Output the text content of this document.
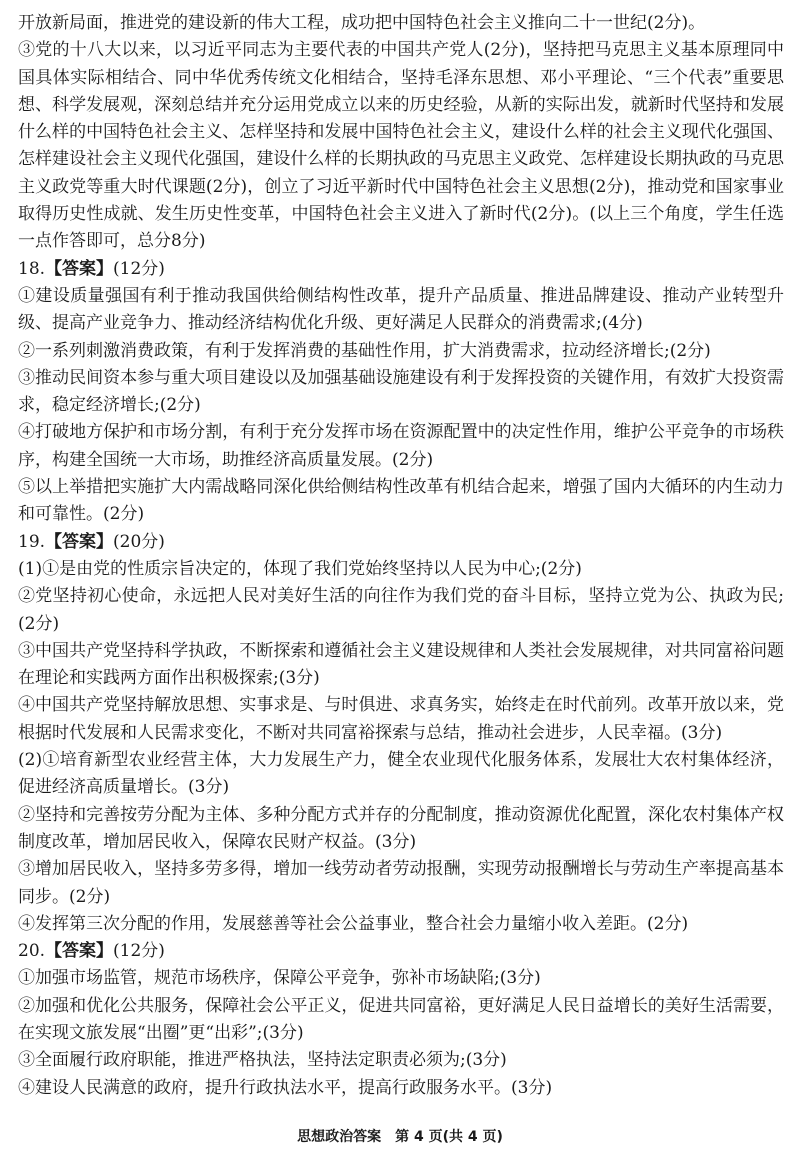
开放新局面，推进党的建设新的伟大工程，成功把中国特色社会主义推向二十一世纪(2分)。

③党的十八大以来，以习近平同志为主要代表的中国共产党人(2分)，坚持把马克思主义基本原理同中国具体实际相结合、同中华优秀传统文化相结合，坚持毛泽东思想、邓小平理论、“三个代表”重要思想、科学发展观，深刻总结并充分运用党成立以来的历史经验，从新的实际出发，就新时代坚持和发展什么样的中国特色社会主义、怎样坚持和发展中国特色社会主义，建设什么样的社会主义现代化强国、怎样建设社会主义现代化强国，建设什么样的长期执政的马克思主义政党、怎样建设长期执政的马克思主义政党等重大时代课题(2分)，创立了习近平新时代中国特色社会主义思想(2分)，推动党和国家事业取得历史性成就、发生历史性变革，中国特色社会主义进入了新时代(2分)。(以上三个角度，学生任选一点作答即可，总分8分)

18.【答案】(12分)

①建设质量强国有利于推动我国供给侧结构性改革，提升产品质量、推进品牌建设、推动产业转型升级、提高产业竞争力、推动经济结构优化升级、更好满足人民群众的消费需求;(4分)

②一系列刺激消费政策，有利于发挥消费的基础性作用，扩大消费需求，拉动经济增长;(2分)

③推动民间资本参与重大项目建设以及加强基础设施建设有利于发挥投资的关键作用，有效扩大投资需求，稳定经济增长;(2分)

④打破地方保护和市场分割，有利于充分发挥市场在资源配置中的决定性作用，维护公平竞争的市场秩序，构建全国统一大市场，助推经济高质量发展。(2分)

⑤以上举措把实施扩大内需战略同深化供给侧结构性改革有机结合起来，增强了国内大循环的内生动力和可靠性。(2分)

19.【答案】(20分)

(1)①是由党的性质宗旨决定的，体现了我们党始终坚持以人民为中心;(2分)

②党坚持初心使命，永远把人民对美好生活的向往作为我们党的奋斗目标，坚持立党为公、执政为民;(2分)

③中国共产党坚持科学执政，不断探索和遵循社会主义建设规律和人类社会发展规律，对共同富裕问题在理论和实践两方面作出积极探索;(3分)

④中国共产党坚持解放思想、实事求是、与时俱进、求真务实，始终走在时代前列。改革开放以来，党根据时代发展和人民需求变化，不断对共同富裕探索与总结，推动社会进步，人民幸福。(3分)

(2)①培育新型农业经营主体，大力发展生产力，健全农业现代化服务体系，发展壮大农村集体经济，促进经济高质量增长。(3分)

②坚持和完善按劳分配为主体、多种分配方式并存的分配制度，推动资源优化配置，深化农村集体产权制度改革，增加居民收入，保障农民财产权益。(3分)

③增加居民收入，坚持多劳多得，增加一线劳动者劳动报酬，实现劳动报酬增长与劳动生产率提高基本同步。(2分)

④发挥第三次分配的作用，发展慈善等社会公益事业，整合社会力量缩小收入差距。(2分)

20.【答案】(12分)

①加强市场监管，规范市场秩序，保障公平竞争，弥补市场缺陷;(3分)

②加强和优化公共服务，保障社会公平正义，促进共同富裕，更好满足人民日益增长的美好生活需要，在实现文旅发展“出圈”更“出彩”;(3分)

③全面履行政府职能，推进严格执法，坚持法定职责必须为;(3分)

④建设人民满意的政府，提升行政执法水平，提高行政服务水平。(3分)

思想政治答案　第 4 页(共 4 页)
